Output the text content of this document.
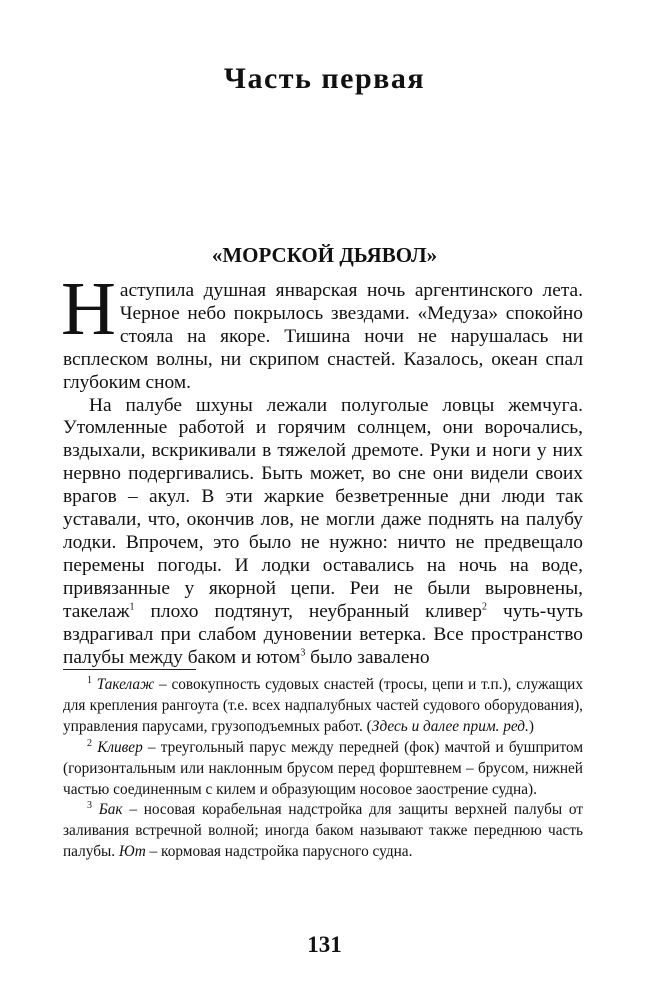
Часть первая
«МОРСКОЙ ДЬЯВОЛ»

Наступила душная январская ночь аргентинского лета. Черное небо покрылось звездами. «Медуза» спокойно стояла на якоре. Тишина ночи не нарушалась ни всплеском волны, ни скрипом снастей. Казалось, океан спал глубоким сном.

На палубе шхуны лежали полуголые ловцы жемчуга. Утомленные работой и горячим солнцем, они ворочались, вздыхали, вскрикивали в тяжелой дремоте. Руки и ноги у них нервно подергивались. Быть может, во сне они видели своих врагов – акул. В эти жаркие безветренные дни люди так уставали, что, окончив лов, не могли даже поднять на палубу лодки. Впрочем, это было не нужно: ничто не предвещало перемены погоды. И лодки оставались на ночь на воде, привязанные у якорной цепи. Реи не были выровнены, такелаж$^1$ плохо подтянут, неубранный кливер$^2$ чуть-чуть вздрагивал при слабом дуновении ветерка. Все пространство палубы между баком и ютом$^3$ было завалено

$^1$ Такелаж – совокупность судовых снастей (тросы, цепи и т.п.), служащих для крепления рангоута (т.е. всех надпалубных частей судового оборудования), управления парусами, грузоподъемных работ. (Здесь и далее прим. ред.)

$^2$ Кливер – треугольный парус между передней (фок) мачтой и бушпритом (горизонтальным или наклонным брусом перед форштевнем – брусом, нижней частью соединенным с килем и образующим носовое заострение судна).

$^3$ Бак – носовая корабельная надстройка для защиты верхней палубы от заливания встречной волной; иногда баком называют также переднюю часть палубы. Ют – кормовая надстройка парусного судна.

131
